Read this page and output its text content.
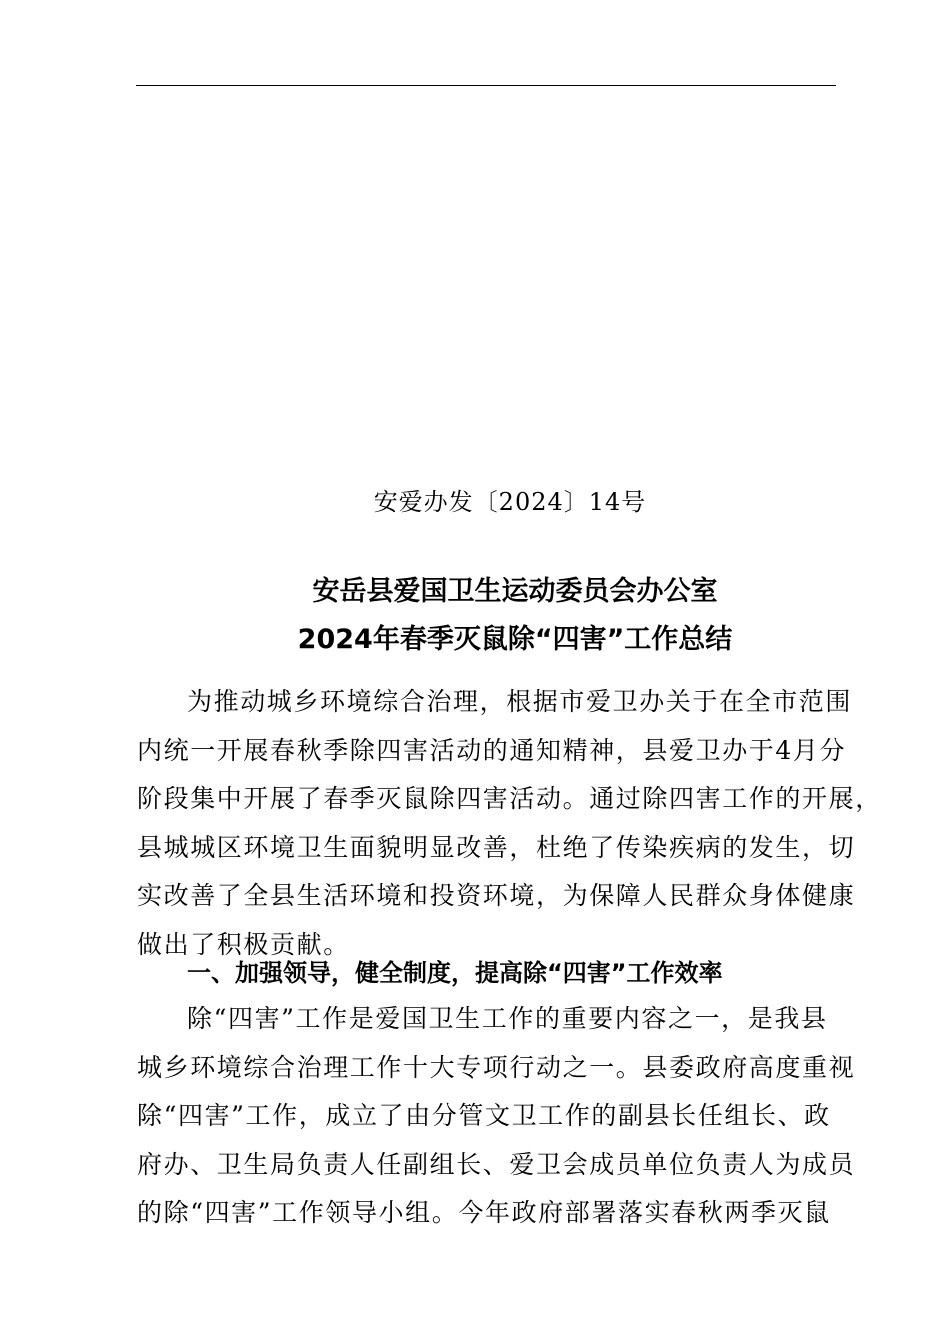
安爱办发〔2024〕14号
安岳县爱国卫生运动委员会办公室
2024年春季灭鼠除“四害”工作总结
为推动城乡环境综合治理，根据市爱卫办关于在全市范围
内统一开展春秋季除四害活动的通知精神，县爱卫办于4月分
阶段集中开展了春季灭鼠除四害活动。通过除四害工作的开展，
县城城区环境卫生面貌明显改善，杜绝了传染疾病的发生，切
实改善了全县生活环境和投资环境，为保障人民群众身体健康
做出了积极贡献。
一、加强领导，健全制度，提高除“四害”工作效率
除“四害”工作是爱国卫生工作的重要内容之一，是我县
城乡环境综合治理工作十大专项行动之一。县委政府高度重视
除“四害”工作，成立了由分管文卫工作的副县长任组长、政
府办、卫生局负责人任副组长、爱卫会成员单位负责人为成员
的除“四害”工作领导小组。今年政府部署落实春秋两季灭鼠
